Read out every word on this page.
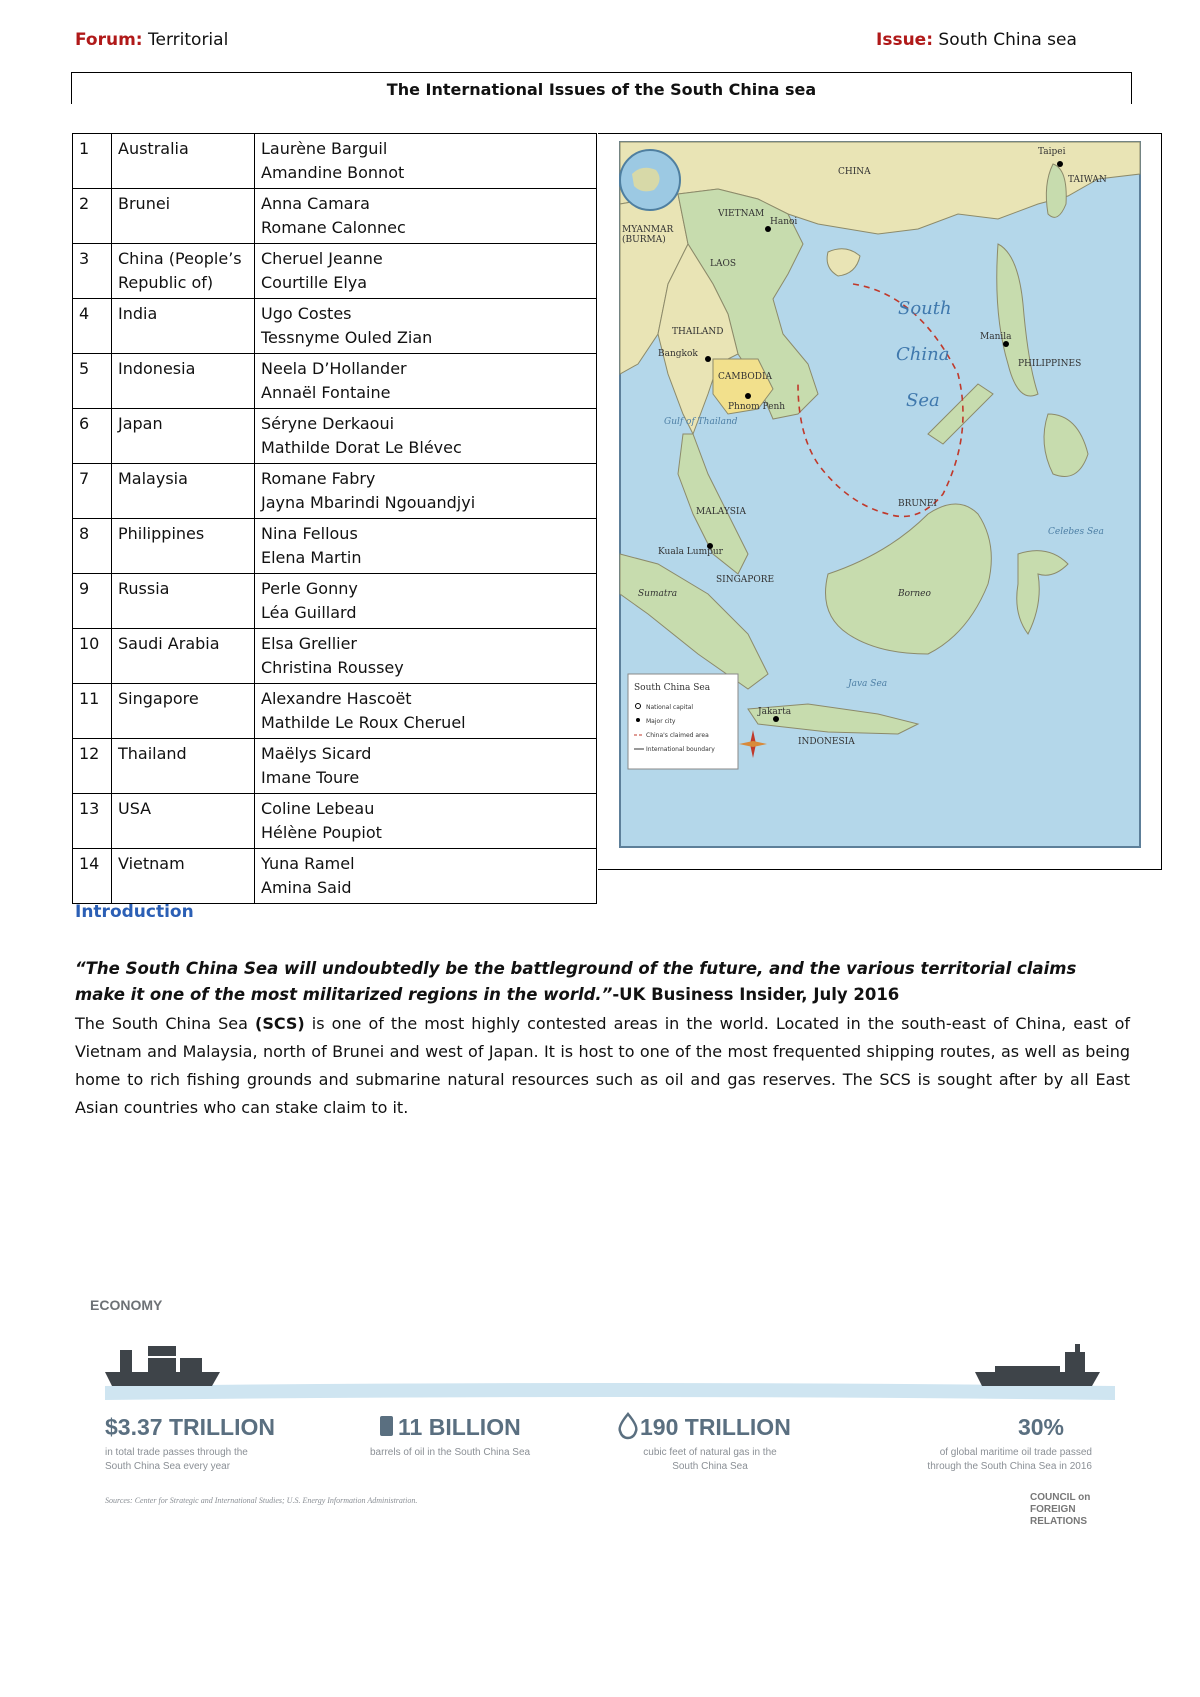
Forum: Territorial	Issue: South China sea
The International Issues of the South China sea
1	Australia	Laurène Barguil
Amandine Bonnot

2	Brunei	Anna Camara
Romane Calonnec

3	China (People’s Republic of)	Cheruel Jeanne
Courtille Elya

4	India	Ugo Costes
Tessnyme Ouled Zian

5	Indonesia	Neela D’Hollander
Annaël Fontaine

6	Japan	Séryne Derkaoui
Mathilde Dorat Le Blévec

7	Malaysia	Romane Fabry
Jayna Mbarindi Ngouandjyi

8	Philippines	Nina Fellous
Elena Martin

9	Russia	Perle Gonny
Léa Guillard

10	Saudi Arabia	Elsa Grellier
Christina Roussey

11	Singapore	Alexandre Hascoët
Mathilde Le Roux Cheruel

12	Thailand	Maëlys Sicard
Imane Toure

13	USA	Coline Lebeau
Hélène Poupiot

14	Vietnam	Yuna Ramel
Amina Said
CHINA
TAIWAN
MYANMAR
(BURMA)
VIETNAM
LAOS
THAILAND
CAMBODIA
MALAYSIA
PHILIPPINES
INDONESIA
SINGAPORE
BRUNEI
Taipei
Hanoi
Bangkok
Phnom Penh
Kuala Lumpur
Manila
Jakarta
Gulf of Thailand
Java Sea
Borneo
Celebes Sea
Sumatra
South
China
Sea
South China Sea
National capital
Major city
China's claimed area
International boundary
Introduction
“The South China Sea will undoubtedly be the battleground of the future, and the various territorial claims make it one of the most militarized regions in the world.”-UK Business Insider, July 2016
The South China Sea (SCS) is one of the most highly contested areas in the world. Located in the south-east of China, east of Vietnam and Malaysia, north of Brunei and west of Japan. It is host to one of the most frequented shipping routes, as well as being home to rich fishing grounds and submarine natural resources such as oil and gas reserves. The SCS is sought after by all East Asian countries who can stake claim to it.
ECONOMY
$3.37 TRILLION	11 BILLION	190 TRILLION	30%
in total trade passes through the
South China Sea every year
barrels of oil in the South China Sea	cubic feet of natural gas in the
South China Sea
of global maritime oil trade passed
through the South China Sea in 2016
Sources: Center for Strategic and International Studies; U.S. Energy Information Administration.	COUNCIL on
FOREIGN
RELATIONS
